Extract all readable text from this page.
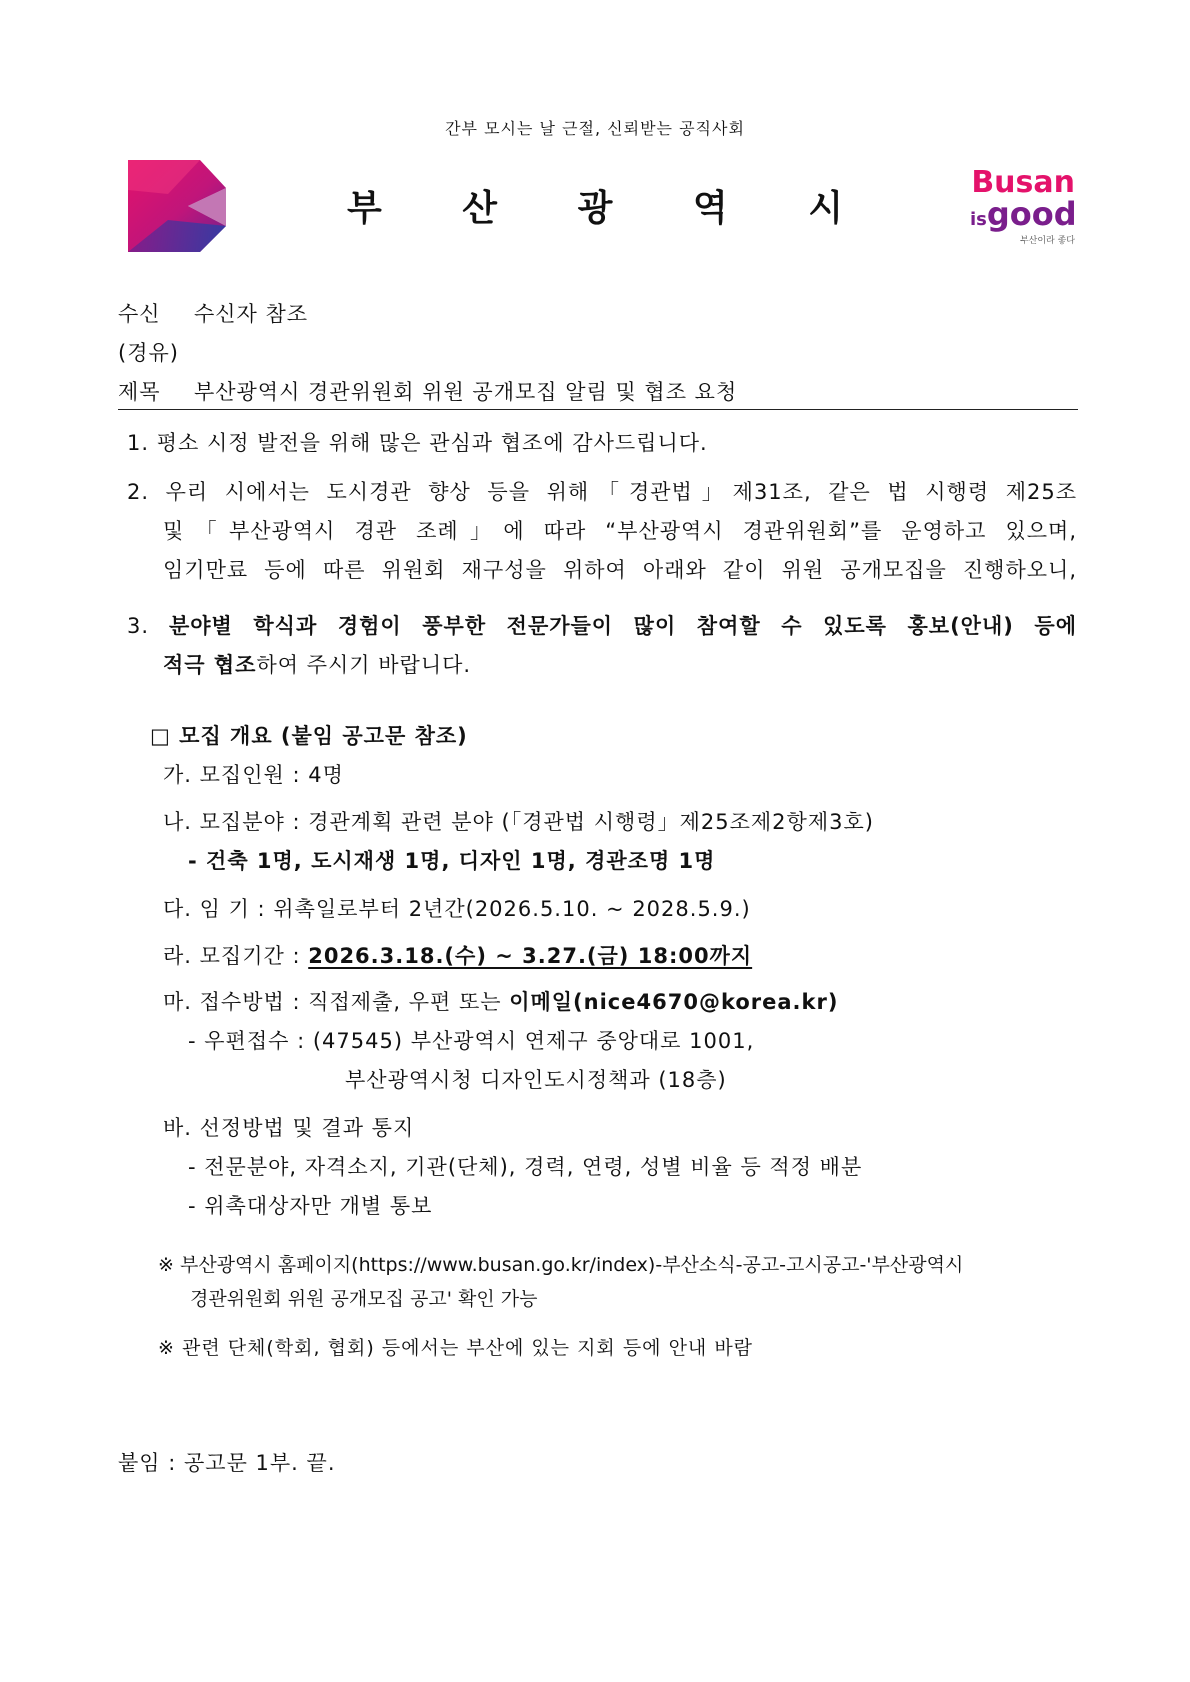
간부 모시는 날 근절, 신뢰받는 공직사회
부 산 광 역 시
Busan
isgood
부산이라 좋다
수신 수신자 참조
(경유)
제목 부산광역시 경관위원회 위원 공개모집 알림 및 협조 요청
1. 평소 시정 발전을 위해 많은 관심과 협조에 감사드립니다.
2. 우리 시에서는 도시경관 향상 등을 위해「경관법」제31조, 같은 법 시행령 제25조
및「부산광역시 경관 조례」에 따라 “부산광역시 경관위원회”를 운영하고 있으며,
임기만료 등에 따른 위원회 재구성을 위하여 아래와 같이 위원 공개모집을 진행하오니,
3. 분야별 학식과 경험이 풍부한 전문가들이 많이 참여할 수 있도록 홍보(안내) 등에
적극 협조하여 주시기 바랍니다.
□ 모집 개요 (붙임 공고문 참조)
가. 모집인원 : 4명
나. 모집분야 : 경관계획 관련 분야 (「경관법 시행령」제25조제2항제3호)
- 건축 1명, 도시재생 1명, 디자인 1명, 경관조명 1명
다. 임 기 : 위촉일로부터 2년간(2026.5.10. ~ 2028.5.9.)
라. 모집기간 : 2026.3.18.(수) ~ 3.27.(금) 18:00까지
마. 접수방법 : 직접제출, 우편 또는 이메일(nice4670@korea.kr)
- 우편접수 : (47545) 부산광역시 연제구 중앙대로 1001,
부산광역시청 디자인도시정책과 (18층)
바. 선정방법 및 결과 통지
- 전문분야, 자격소지, 기관(단체), 경력, 연령, 성별 비율 등 적정 배분
- 위촉대상자만 개별 통보
※ 부산광역시 홈페이지(https://www.busan.go.kr/index)-부산소식-공고-고시공고-'부산광역시
경관위원회 위원 공개모집 공고' 확인 가능
※ 관련 단체(학회, 협회) 등에서는 부산에 있는 지회 등에 안내 바람
붙임 : 공고문 1부. 끝.
